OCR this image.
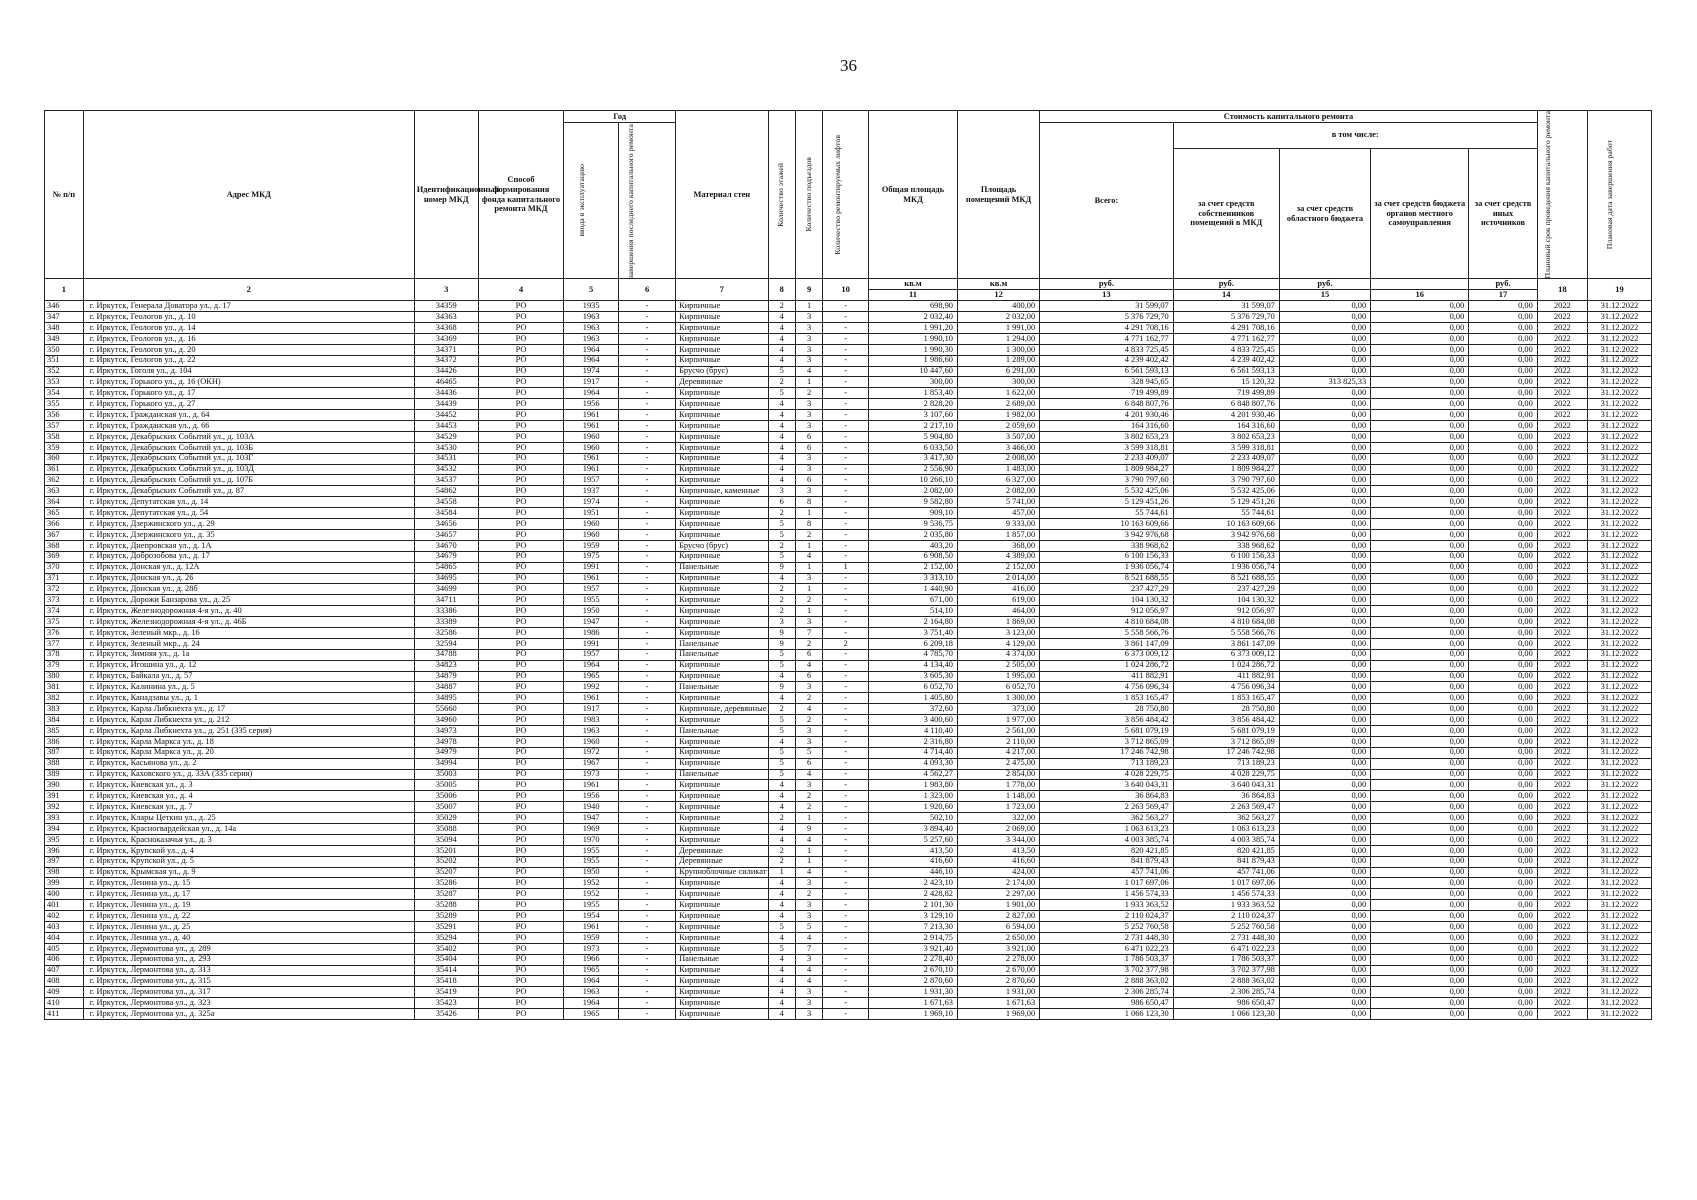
36
№ п/п	Адрес МКД	Идентификационный номер МКД	Способ формирования фонда капитального ремонта МКД	Год		Материал стен	Количество этажей	Количество подъездов	Количество ремонтируемых лифтов	Общая площадь МКД	Площадь помещений МКД	Стоимость капитального ремонта					Плановый срок проведения капитального ремонта	Плановая дата завершения работ

				ввода в эксплуатацию	завершения последнего капитального ремонта							Всего:	в том числе:					
													за счет средств собственников помещений в МКД	за счет средств областного бюджета	за счет средств бюджета органов местного самоуправления	за счет средств иных источников		
1	2	3	4	5	6	7	8	9	10	кв.м	кв.м	руб.	руб.	руб.		руб.	18	19
										11	12	13	14	15	16	17		
346	г. Иркутск, Генерала Доватора ул., д. 17	34359	РО	1935	-	Кирпичные	2	1	-	698,90	400,00	31 599,07	31 599,07	0,00	0,00	0,00	2022	31.12.2022
347	г. Иркутск, Геологов ул., д. 10	34363	РО	1963	-	Кирпичные	4	3	-	2 032,40	2 032,00	5 376 729,70	5 376 729,70	0,00	0,00	0,00	2022	31.12.2022
348	г. Иркутск, Геологов ул., д. 14	34368	РО	1963	-	Кирпичные	4	3	-	1 991,20	1 991,00	4 291 708,16	4 291 708,16	0,00	0,00	0,00	2022	31.12.2022
349	г. Иркутск, Геологов ул., д. 16	34369	РО	1963	-	Кирпичные	4	3	-	1 990,10	1 294,00	4 771 162,77	4 771 162,77	0,00	0,00	0,00	2022	31.12.2022
350	г. Иркутск, Геологов ул., д. 20	34371	РО	1964	-	Кирпичные	4	3	-	1 990,30	1 300,00	4 833 725,45	4 833 725,45	0,00	0,00	0,00	2022	31.12.2022
351	г. Иркутск, Геологов ул., д. 22	34372	РО	1964	-	Кирпичные	4	3	-	1 986,60	1 289,00	4 239 402,42	4 239 402,42	0,00	0,00	0,00	2022	31.12.2022
352	г. Иркутск, Гоголя ул., д. 104	34426	РО	1974	-	Брусчо (брус)	5	4	-	10 447,60	6 291,00	6 561 593,13	6 561 593,13	0,00	0,00	0,00	2022	31.12.2022
353	г. Иркутск, Горького ул., д. 16 (ОКН)	46465	РО	1917	-	Деревянные	2	1	-	300,00	300,00	328 945,65	15 120,32	313 825,33	0,00	0,00	2022	31.12.2022
354	г. Иркутск, Горького ул., д. 17	34436	РО	1964	-	Кирпичные	5	2	-	1 853,40	1 622,00	719 499,89	719 499,89	0,00	0,00	0,00	2022	31.12.2022
355	г. Иркутск, Горького ул., д. 27	34439	РО	1956	-	Кирпичные	4	3	-	2 828,20	2 689,00	6 848 807,76	6 848 807,76	0,00	0,00	0,00	2022	31.12.2022
356	г. Иркутск, Гражданская ул., д. 64	34452	РО	1961	-	Кирпичные	4	3	-	3 107,60	1 982,00	4 201 930,46	4 201 930,46	0,00	0,00	0,00	2022	31.12.2022
357	г. Иркутск, Гражданская ул., д. 66	34453	РО	1961	-	Кирпичные	4	3	-	2 217,10	2 059,60	164 316,60	164 316,60	0,00	0,00	0,00	2022	31.12.2022
358	г. Иркутск, Декабрьских Событий ул., д. 103А	34529	РО	1960	-	Кирпичные	4	6	-	5 904,80	3 507,00	3 802 653,23	3 802 653,23	0,00	0,00	0,00	2022	31.12.2022
359	г. Иркутск, Декабрьских Событий ул., д. 103Б	34530	РО	1960	-	Кирпичные	4	6	-	6 033,50	3 466,00	3 599 318,81	3 599 318,81	0,00	0,00	0,00	2022	31.12.2022
360	г. Иркутск, Декабрьских Событий ул., д. 103Г	34531	РО	1961	-	Кирпичные	4	3	-	3 417,30	2 008,00	2 233 409,07	2 233 409,07	0,00	0,00	0,00	2022	31.12.2022
361	г. Иркутск, Декабрьских Событий ул., д. 103Д	34532	РО	1961	-	Кирпичные	4	3	-	2 556,90	1 483,00	1 809 984,27	1 809 984,27	0,00	0,00	0,00	2022	31.12.2022
362	г. Иркутск, Декабрьских Событий ул., д. 107Б	34537	РО	1957	-	Кирпичные	4	6	-	10 266,10	6 327,00	3 790 797,60	3 790 797,60	0,00	0,00	0,00	2022	31.12.2022
363	г. Иркутск, Декабрьских Событий ул., д. 87	54862	РО	1937	-	Кирпичные, каменные	3	3	-	2 082,00	2 082,00	5 532 425,06	5 532 425,06	0,00	0,00	0,00	2022	31.12.2022
364	г. Иркутск, Депутатская ул., д. 14	34558	РО	1974	-	Кирпичные	6	8	-	9 582,80	5 741,00	5 129 451,26	5 129 451,26	0,00	0,00	0,00	2022	31.12.2022
365	г. Иркутск, Депутатская ул., д. 54	34584	РО	1951	-	Кирпичные	2	1	-	909,10	457,00	55 744,61	55 744,61	0,00	0,00	0,00	2022	31.12.2022
366	г. Иркутск, Дзержинского ул., д. 29	34656	РО	1960	-	Кирпичные	5	8	-	9 536,75	9 333,00	10 163 609,66	10 163 609,66	0,00	0,00	0,00	2022	31.12.2022
367	г. Иркутск, Дзержинского ул., д. 35	34657	РО	1960	-	Кирпичные	5	2	-	2 035,80	1 857,00	3 942 976,68	3 942 976,68	0,00	0,00	0,00	2022	31.12.2022
368	г. Иркутск, Днепровская ул., д. 1А	34670	РО	1959	-	Брусчо (брус)	2	1	-	403,20	368,00	338 968,62	338 968,62	0,00	0,00	0,00	2022	31.12.2022
369	г. Иркутск, Доброзобова ул., д. 17	34679	РО	1975	-	Кирпичные	5	4	-	6 908,50	4 389,00	6 100 156,33	6 100 156,33	0,00	0,00	0,00	2022	31.12.2022
370	г. Иркутск, Донская ул., д. 12А	54865	РО	1991	-	Панельные	9	1	1	2 152,00	2 152,00	1 936 056,74	1 936 056,74	0,00	0,00	0,00	2022	31.12.2022
371	г. Иркутск, Донская ул., д. 26	34695	РО	1961	-	Кирпичные	4	3	-	3 313,10	2 014,00	8 521 688,55	8 521 688,55	0,00	0,00	0,00	2022	31.12.2022
372	г. Иркутск, Донская ул., д. 28б	34699	РО	1957	-	Кирпичные	2	1	-	1 440,90	416,00	237 427,29	237 427,29	0,00	0,00	0,00	2022	31.12.2022
373	г. Иркутск, Дорожи Банзарова ул., д. 25	34711	РО	1955	-	Кирпичные	2	2	-	671,00	619,00	104 130,32	104 130,32	0,00	0,00	0,00	2022	31.12.2022
374	г. Иркутск, Железнодорожная 4-я ул., д. 40	33386	РО	1950	-	Кирпичные	2	1	-	514,10	464,00	912 056,97	912 056,97	0,00	0,00	0,00	2022	31.12.2022
375	г. Иркутск, Железнодорожная 4-я ул., д. 46Б	33389	РО	1947	-	Кирпичные	3	3	-	2 164,80	1 869,00	4 810 684,08	4 810 684,08	0,00	0,00	0,00	2022	31.12.2022
376	г. Иркутск, Зеленый мкр., д. 16	32586	РО	1986	-	Кирпичные	9	7	-	3 751,40	3 123,00	5 558 566,76	5 558 566,76	0,00	0,00	0,00	2022	31.12.2022
377	г. Иркутск, Зеленый мкр., д. 24	32594	РО	1991	-	Панельные	9	2	2	6 209,18	4 129,00	3 861 147,09	3 861 147,09	0,00	0,00	0,00	2022	31.12.2022
378	г. Иркутск, Зимняя ул., д. 1а	34788	РО	1957	-	Панельные	5	6	-	4 785,70	4 374,00	6 373 009,12	6 373 009,12	0,00	0,00	0,00	2022	31.12.2022
379	г. Иркутск, Игошина ул., д. 12	34823	РО	1964	-	Кирпичные	5	4	-	4 134,40	2 505,00	1 024 286,72	1 024 286,72	0,00	0,00	0,00	2022	31.12.2022
380	г. Иркутск, Байкала ул., д. 57	34879	РО	1965	-	Кирпичные	4	6	-	3 605,30	1 995,00	411 882,91	411 882,91	0,00	0,00	0,00	2022	31.12.2022
381	г. Иркутск, Калинина ул., д. 5	34887	РО	1992	-	Панельные	9	3	-	6 052,70	6 052,70	4 756 096,34	4 756 096,34	0,00	0,00	0,00	2022	31.12.2022
382	г. Иркутск, Канадзавы ул., д. 1	34895	РО	1961	-	Кирпичные	4	2	-	1 405,80	1 300,00	1 853 165,47	1 853 165,47	0,00	0,00	0,00	2022	31.12.2022
383	г. Иркутск, Карла Либкнехта ул., д. 17	55660	РО	1917	-	Кирпичные, деревянные	2	4	-	372,60	373,00	28 750,80	28 750,80	0,00	0,00	0,00	2022	31.12.2022
384	г. Иркутск, Карла Либкнехта ул., д. 212	34960	РО	1983	-	Кирпичные	5	2	-	3 400,60	1 977,00	3 856 484,42	3 856 484,42	0,00	0,00	0,00	2022	31.12.2022
385	г. Иркутск, Карла Либкнехта ул., д. 251 (335 серия)	34973	РО	1963	-	Панельные	5	3	-	4 110,40	2 561,00	5 681 079,19	5 681 079,19	0,00	0,00	0,00	2022	31.12.2022
386	г. Иркутск, Карла Маркса ул., д. 18	34978	РО	1960	-	Кирпичные	4	3	-	2 316,80	2 110,00	3 712 865,09	3 712 865,09	0,00	0,00	0,00	2022	31.12.2022
387	г. Иркутск, Карла Маркса ул., д. 20	34979	РО	1972	-	Кирпичные	5	5	-	4 714,40	4 217,00	17 246 742,98	17 246 742,98	0,00	0,00	0,00	2022	31.12.2022
388	г. Иркутск, Касьянова ул., д. 2	34994	РО	1967	-	Кирпичные	5	6	-	4 093,30	2 475,00	713 189,23	713 189,23	0,00	0,00	0,00	2022	31.12.2022
389	г. Иркутск, Каховского ул., д. 33А (335 серия)	35003	РО	1973	-	Панельные	5	4	-	4 562,27	2 854,00	4 028 229,75	4 028 229,75	0,00	0,00	0,00	2022	31.12.2022
390	г. Иркутск, Киевская ул., д. 3	35005	РО	1961	-	Кирпичные	4	3	-	1 983,80	1 778,00	3 640 043,31	3 640 043,31	0,00	0,00	0,00	2022	31.12.2022
391	г. Иркутск, Киевская ул., д. 4	35006	РО	1956	-	Кирпичные	4	2	-	1 323,00	1 148,00	36 864,83	36 864,83	0,00	0,00	0,00	2022	31.12.2022
392	г. Иркутск, Киевская ул., д. 7	35007	РО	1940	-	Кирпичные	4	2	-	1 920,60	1 723,00	2 263 569,47	2 263 569,47	0,00	0,00	0,00	2022	31.12.2022
393	г. Иркутск, Клары Цеткин ул., д. 25	35029	РО	1947	-	Кирпичные	2	1	-	502,10	322,00	362 563,27	362 563,27	0,00	0,00	0,00	2022	31.12.2022
394	г. Иркутск, Красногвардейская ул., д. 14а	35088	РО	1969	-	Кирпичные	4	9	-	3 894,40	2 069,00	1 063 613,23	1 063 613,23	0,00	0,00	0,00	2022	31.12.2022
395	г. Иркутск, Красноказачья ул., д. 3	35094	РО	1970	-	Кирпичные	4	4	-	5 257,60	3 344,00	4 003 385,74	4 003 385,74	0,00	0,00	0,00	2022	31.12.2022
396	г. Иркутск, Крупской ул., д. 4	35201	РО	1955	-	Деревянные	2	1	-	413,50	413,50	820 421,85	820 421,85	0,00	0,00	0,00	2022	31.12.2022
397	г. Иркутск, Крупской ул., д. 5	35202	РО	1955	-	Деревянные	2	1	-	416,60	416,60	841 879,43	841 879,43	0,00	0,00	0,00	2022	31.12.2022
398	г. Иркутск, Крымская ул., д. 9	35207	РО	1950	-	Крупноблочные силикат	1	4	-	446,10	424,00	457 741,06	457 741,06	0,00	0,00	0,00	2022	31.12.2022
399	г. Иркутск, Ленина ул., д. 15	35286	РО	1952	-	Кирпичные	4	3	-	2 423,10	2 174,00	1 017 697,06	1 017 697,06	0,00	0,00	0,00	2022	31.12.2022
400	г. Иркутск, Ленина ул., д. 17	35287	РО	1952	-	Кирпичные	4	2	-	2 428,82	2 297,00	1 456 574,33	1 456 574,33	0,00	0,00	0,00	2022	31.12.2022
401	г. Иркутск, Ленина ул., д. 19	35288	РО	1955	-	Кирпичные	4	3	-	2 101,30	1 901,00	1 933 363,52	1 933 363,52	0,00	0,00	0,00	2022	31.12.2022
402	г. Иркутск, Ленина ул., д. 22	35289	РО	1954	-	Кирпичные	4	3	-	3 129,10	2 827,00	2 110 024,37	2 110 024,37	0,00	0,00	0,00	2022	31.12.2022
403	г. Иркутск, Ленина ул., д. 25	35291	РО	1961	-	Кирпичные	5	5	-	7 213,30	6 594,00	5 252 760,58	5 252 760,58	0,00	0,00	0,00	2022	31.12.2022
404	г. Иркутск, Ленина ул., д. 40	35294	РО	1959	-	Кирпичные	4	4	-	2 914,75	2 650,00	2 731 448,30	2 731 448,30	0,00	0,00	0,00	2022	31.12.2022
405	г. Иркутск, Лермонтова ул., д. 289	35402	РО	1973	-	Кирпичные	5	7	-	3 921,40	3 921,00	6 471 022,23	6 471 022,23	0,00	0,00	0,00	2022	31.12.2022
406	г. Иркутск, Лермонтова ул., д. 293	35404	РО	1966	-	Панельные	4	3	-	2 278,40	2 278,00	1 786 503,37	1 786 503,37	0,00	0,00	0,00	2022	31.12.2022
407	г. Иркутск, Лермонтова ул., д. 313	35414	РО	1965	-	Кирпичные	4	4	-	2 670,10	2 670,00	3 702 377,98	3 702 377,98	0,00	0,00	0,00	2022	31.12.2022
408	г. Иркутск, Лермонтова ул., д. 315	35418	РО	1964	-	Кирпичные	4	4	-	2 870,60	2 870,60	2 888 363,02	2 888 363,02	0,00	0,00	0,00	2022	31.12.2022
409	г. Иркутск, Лермонтова ул., д. 317	35419	РО	1963	-	Кирпичные	4	3	-	1 931,30	1 931,00	2 306 285,74	2 306 285,74	0,00	0,00	0,00	2022	31.12.2022
410	г. Иркутск, Лермонтова ул., д. 323	35423	РО	1964	-	Кирпичные	4	3	-	1 671,63	1 671,63	986 650,47	986 650,47	0,00	0,00	0,00	2022	31.12.2022
411	г. Иркутск, Лермонтова ул., д. 325а	35426	РО	1965	-	Кирпичные	4	3	-	1 969,10	1 969,00	1 066 123,30	1 066 123,30	0,00	0,00	0,00	2022	31.12.2022
